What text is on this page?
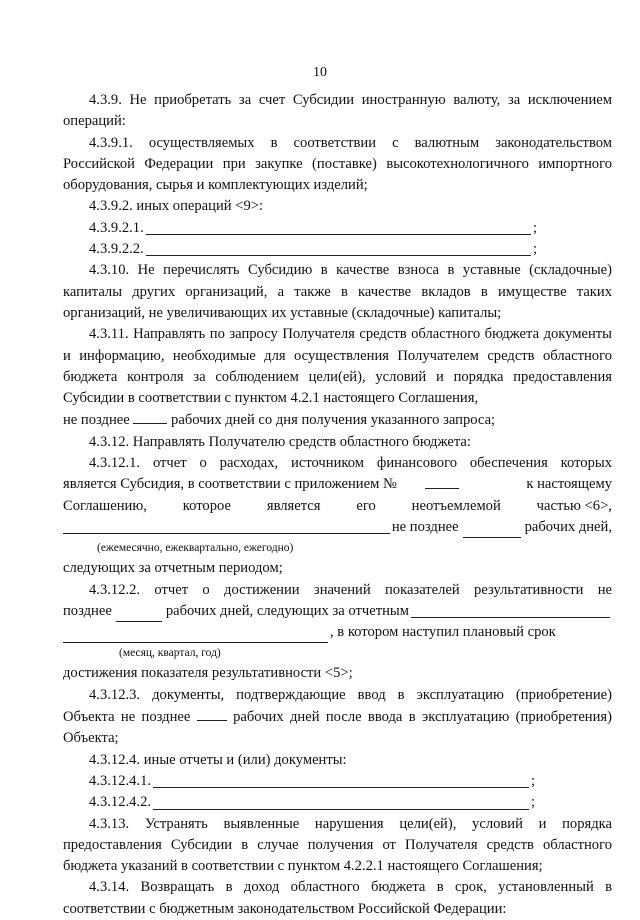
10

4.3.9. Не приобретать за счет Субсидии иностранную валюту, за исключением операций:

4.3.9.1. осуществляемых в соответствии с валютным законодательством Российской Федерации при закупке (поставке) высокотехнологичного импортного оборудования, сырья и комплектующих изделий;

4.3.9.2. иных операций <9>:

4.3.9.2.1.	;
4.3.9.2.2.	;

4.3.10. Не перечислять Субсидию в качестве взноса в уставные (складочные) капиталы других организаций, а также в качестве вкладов в имуществе таких организаций, не увеличивающих их уставные (складочные) капиталы;

4.3.11. Направлять по запросу Получателя средств областного бюджета документы и информацию, необходимые для осуществления Получателем средств областного бюджета контроля за соблюдением цели(ей), условий и порядка предоставления Субсидии в соответствии с пунктом 4.2.1 настоящего Соглашения,

не позднее	рабочих дней со дня получения указанного запроса;

4.3.12. Направлять Получателю средств областного бюджета:

4.3.12.1. отчет о расходах, источником финансового обеспечения которых

является Субсидия, в соответствии с приложением №	к настоящему
Соглашению, которое является его неотъемлемой частью <6>,
не позднее	рабочих дней,
(ежемесячно, ежеквартально, ежегодно)

следующих за отчетным периодом;

4.3.12.2. отчет о достижении значений показателей результативности не

позднее	рабочих дней, следующих за отчетным
, в котором наступил плановый срок
(месяц, квартал, год)

достижения показателя результативности <5>;

4.3.12.3. документы, подтверждающие ввод в эксплуатацию (приобретение) Объекта не позднее	рабочих дней после ввода в эксплуатацию (приобретения) Объекта;

4.3.12.4. иные отчеты и (или) документы:

4.3.12.4.1.	;
4.3.12.4.2.	;

4.3.13. Устранять выявленные нарушения цели(ей), условий и порядка предоставления Субсидии в случае получения от Получателя средств областного бюджета указаний в соответствии с пунктом 4.2.2.1 настоящего Соглашения;

4.3.14. Возвращать в доход областного бюджета в срок, установленный в соответствии с бюджетным законодательством Российской Федерации:
